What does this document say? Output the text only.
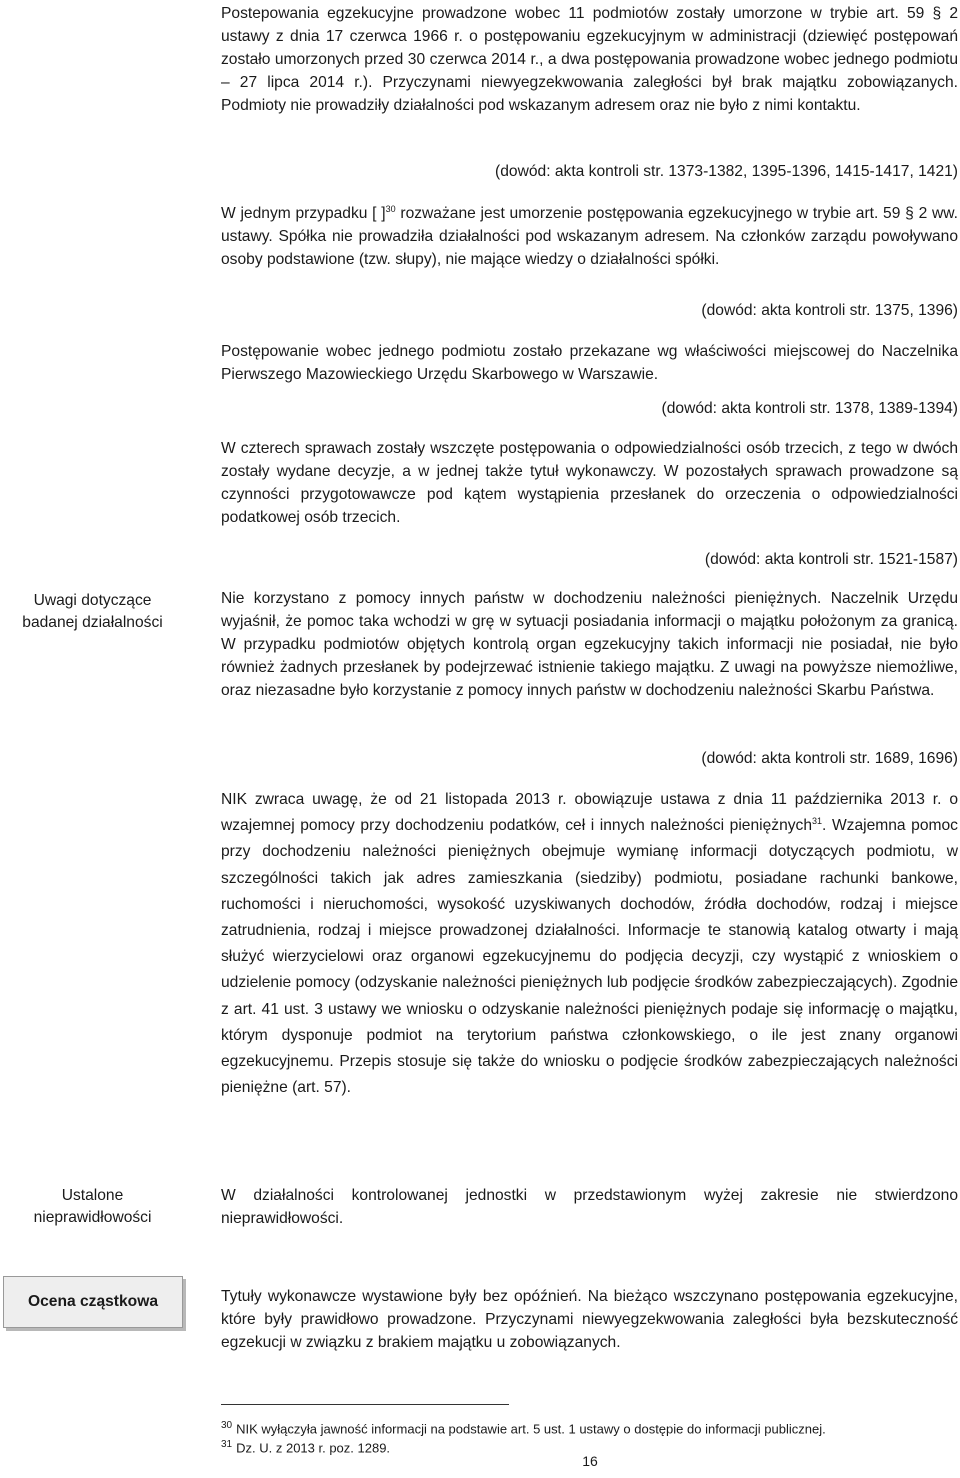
Postepowania egzekucyjne prowadzone wobec 11 podmiotów zostały umorzone w trybie art. 59 § 2 ustawy z dnia 17 czerwca 1966 r. o postępowaniu egzekucyjnym w administracji (dziewięć postępowań zostało umorzonych przed 30 czerwca 2014 r., a dwa postępowania prowadzone wobec jednego podmiotu – 27 lipca 2014 r.). Przyczynami niewyegzekwowania zaległości był brak majątku zobowiązanych. Podmioty nie prowadziły działalności pod wskazanym adresem oraz nie było z nimi kontaktu.

(dowód: akta kontroli str. 1373-1382, 1395-1396, 1415-1417, 1421)

W jednym przypadku [ ]$^{30}$ rozważane jest umorzenie postępowania egzekucyjnego w trybie art. 59 § 2 ww. ustawy. Spółka nie prowadziła działalności pod wskazanym adresem. Na członków zarządu powoływano osoby podstawione (tzw. słupy), nie mające wiedzy o działalności spółki.

(dowód: akta kontroli str. 1375, 1396)

Postępowanie wobec jednego podmiotu zostało przekazane wg właściwości miejscowej do Naczelnika Pierwszego Mazowieckiego Urzędu Skarbowego w Warszawie.

(dowód: akta kontroli str. 1378, 1389-1394)

W czterech sprawach zostały wszczęte postępowania o odpowiedzialności osób trzecich, z tego w dwóch zostały wydane decyzje, a w jednej także tytuł wykonawczy. W pozostałych sprawach prowadzone są czynności przygotowawcze pod kątem wystąpienia przesłanek do orzeczenia o odpowiedzialności podatkowej osób trzecich.

(dowód: akta kontroli str. 1521-1587)
Uwagi dotyczące
badanej działalności

Nie korzystano z pomocy innych państw w dochodzeniu należności pieniężnych. Naczelnik Urzędu wyjaśnił, że pomoc taka wchodzi w grę w sytuacji posiadania informacji o majątku położonym za granicą. W przypadku podmiotów objętych kontrolą organ egzekucyjny takich informacji nie posiadał, nie było również żadnych przesłanek by podejrzewać istnienie takiego majątku. Z uwagi na powyższe niemożliwe, oraz niezasadne było korzystanie z pomocy innych państw w dochodzeniu należności Skarbu Państwa.

(dowód: akta kontroli str. 1689, 1696)

NIK zwraca uwagę, że od 21 listopada 2013 r. obowiązuje ustawa z dnia 11 października 2013 r. o wzajemnej pomocy przy dochodzeniu podatków, ceł i innych należności pieniężnych$^{31}$. Wzajemna pomoc przy dochodzeniu należności pieniężnych obejmuje wymianę informacji dotyczących podmiotu, w szczególności takich jak adres zamieszkania (siedziby) podmiotu, posiadane rachunki bankowe, ruchomości i nieruchomości, wysokość uzyskiwanych dochodów, źródła dochodów, rodzaj i miejsce zatrudnienia, rodzaj i miejsce prowadzonej działalności. Informacje te stanowią katalog otwarty i mają służyć wierzycielowi oraz organowi egzekucyjnemu do podjęcia decyzji, czy wystąpić z wnioskiem o udzielenie pomocy (odzyskanie należności pieniężnych lub podjęcie środków zabezpieczających). Zgodnie z art. 41 ust. 3 ustawy we wniosku o odzyskanie należności pieniężnych podaje się informację o majątku, którym dysponuje podmiot na terytorium państwa członkowskiego, o ile jest znany organowi egzekucyjnemu. Przepis stosuje się także do wniosku o podjęcie środków zabezpieczających należności pieniężne (art. 57).

Ustalone
nieprawidłowości

W działalności kontrolowanej jednostki w przedstawionym wyżej zakresie nie stwierdzono nieprawidłowości.

Ocena cząstkowa	Tytuły wykonawcze wystawione były bez opóźnień. Na bieżąco wszczynano postępowania egzekucyjne, które były prawidłowo prowadzone. Przyczynami niewyegzekwowania zaległości była bezskuteczność egzekucji w związku z brakiem majątku u zobowiązanych.

$^{30}$ NIK wyłączyła jawność informacji na podstawie art. 5 ust. 1 ustawy o dostępie do informacji publicznej.
$^{31}$ Dz. U. z 2013 r. poz. 1289.
16
